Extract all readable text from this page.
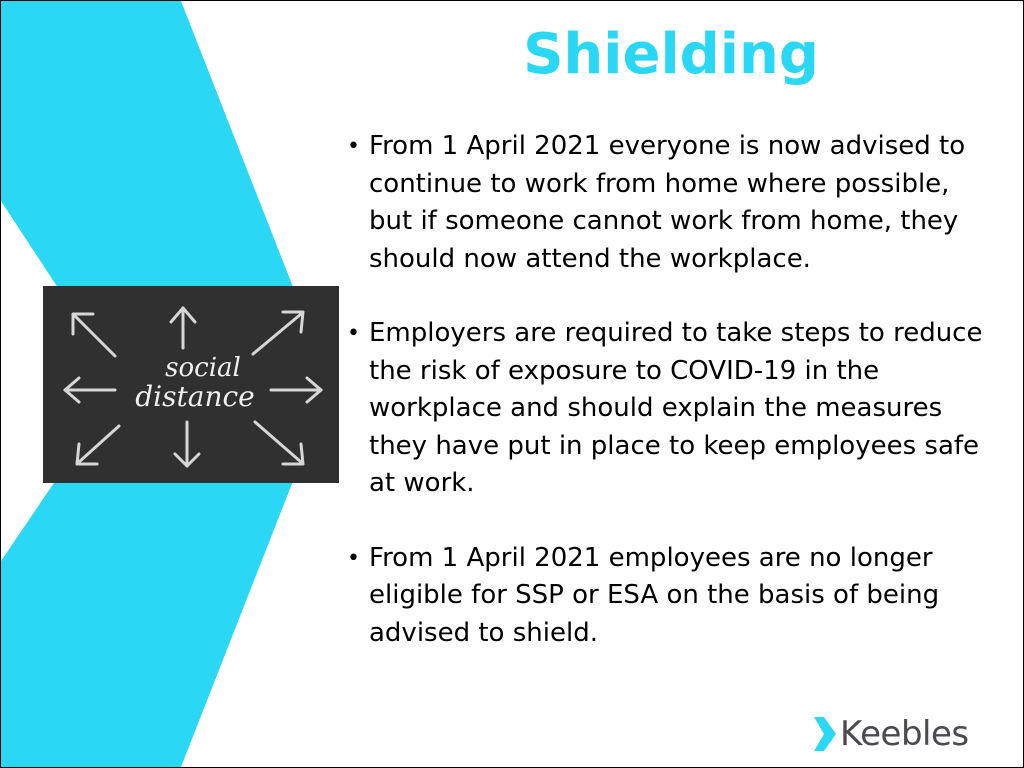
Shielding
social
distance
• From 1 April 2021 everyone is now advised to continue to work from home where possible, but if someone cannot work from home, they should now attend the workplace.
• Employers are required to take steps to reduce the risk of exposure to COVID-19 in the workplace and should explain the measures they have put in place to keep employees safe at work.
• From 1 April 2021 employees are no longer eligible for SSP or ESA on the basis of being advised to shield.
Keebles
